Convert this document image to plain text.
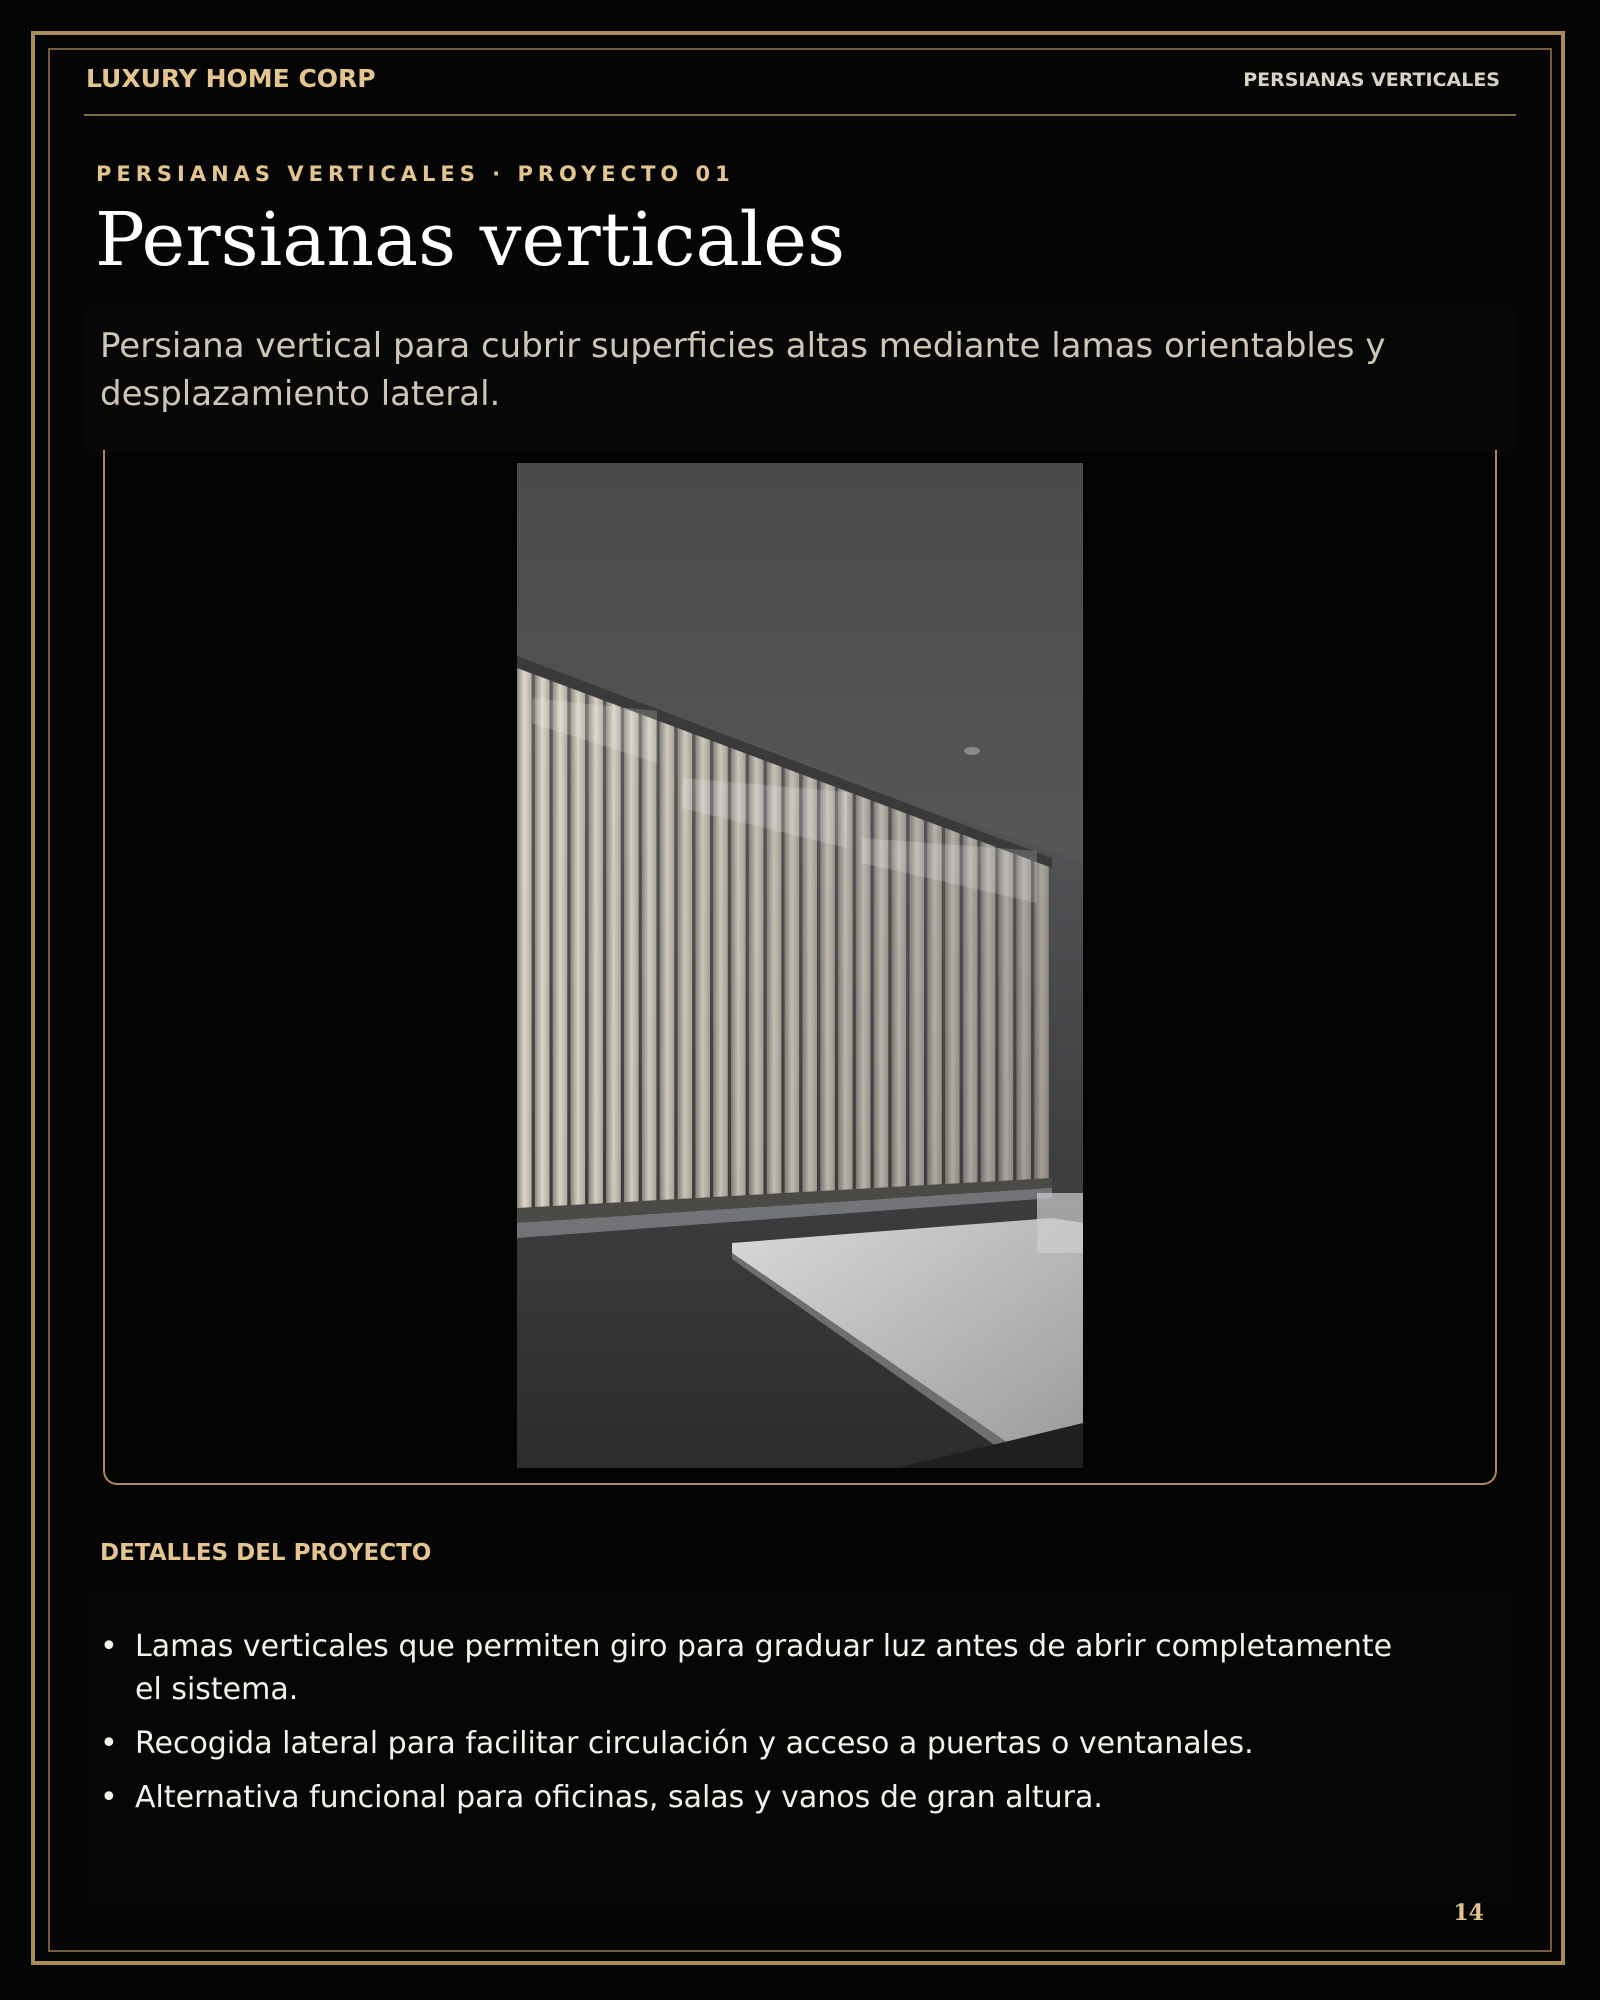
LUXURY HOME CORP	PERSIANAS VERTICALES
PERSIANAS VERTICALES · PROYECTO 01
Persianas verticales
Persiana vertical para cubrir superficies altas mediante lamas orientables y desplazamiento lateral.
DETALLES DEL PROYECTO
• Lamas verticales que permiten giro para graduar luz antes de abrir completamente el sistema.
• Recogida lateral para facilitar circulación y acceso a puertas o ventanales.
• Alternativa funcional para oficinas, salas y vanos de gran altura.
14
